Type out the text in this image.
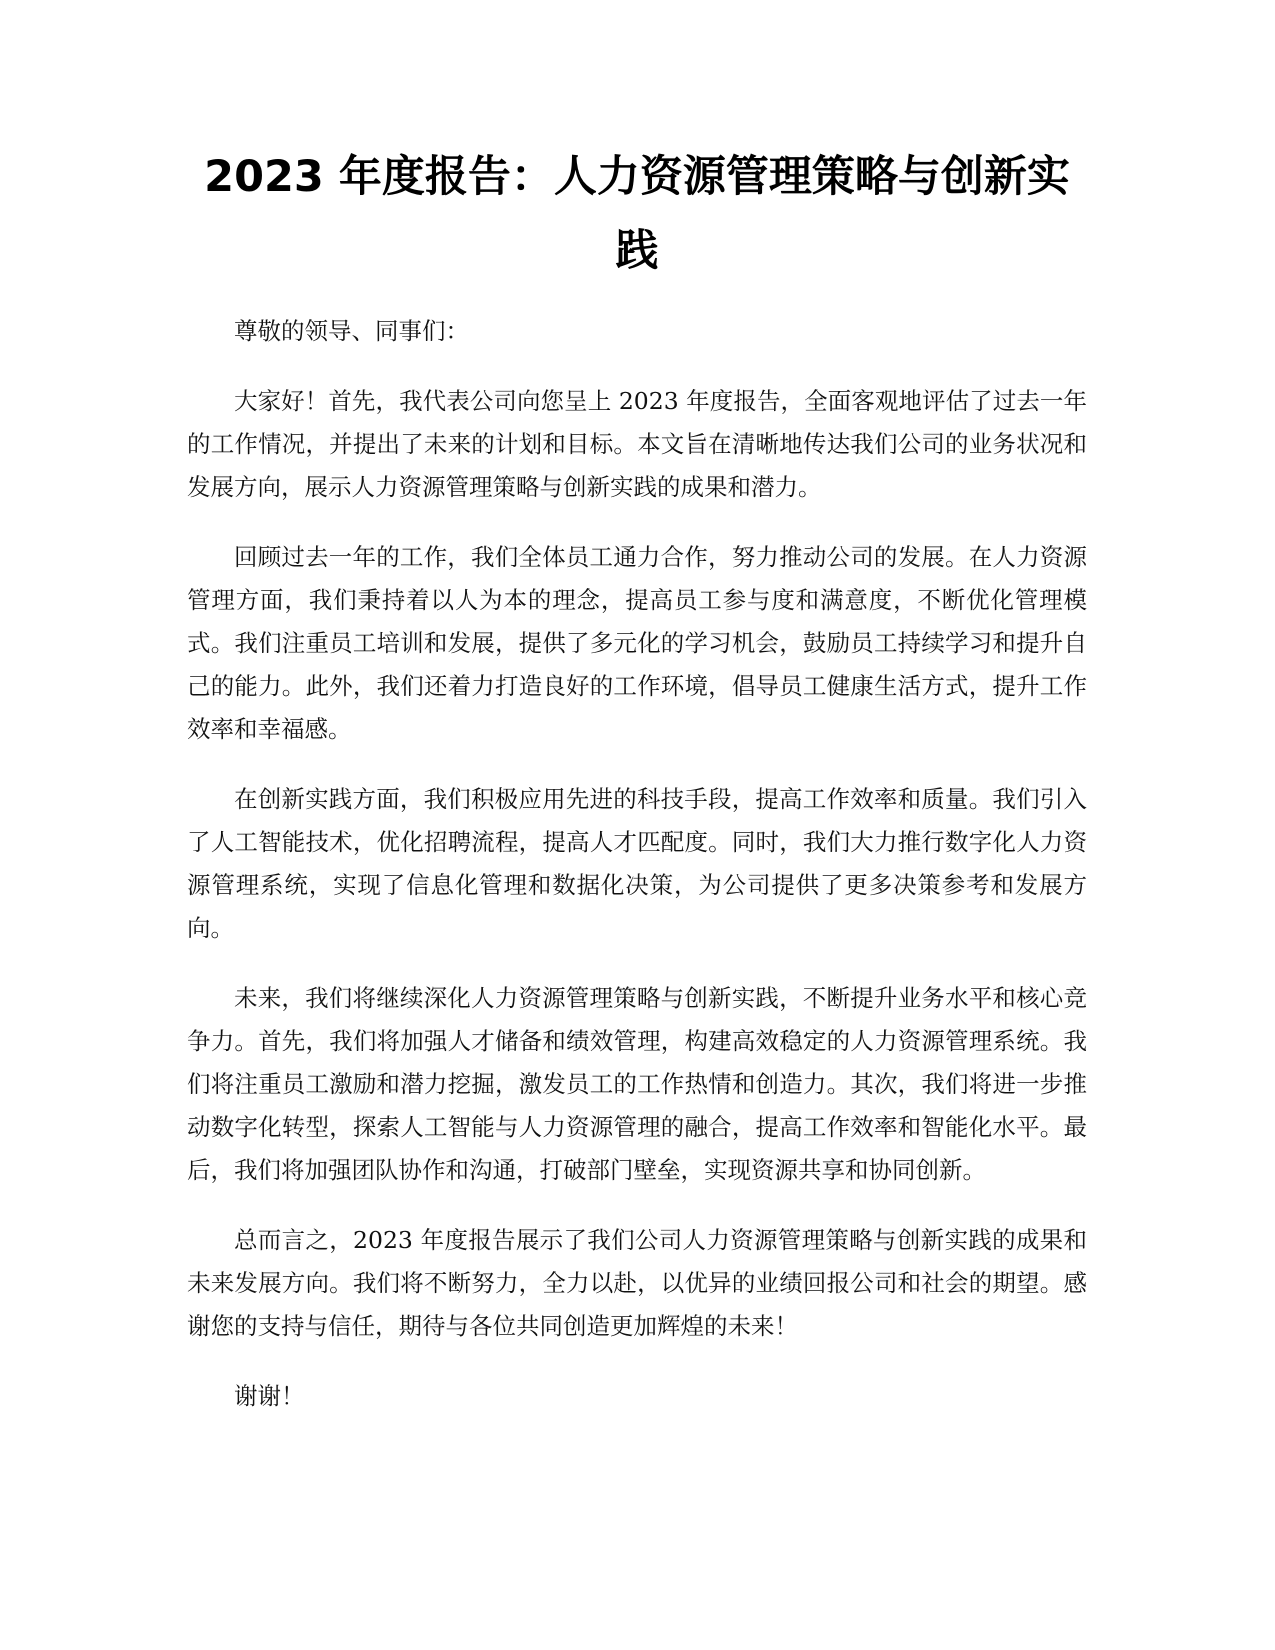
2023 年度报告：人力资源管理策略与创新实践

尊敬的领导、同事们：

大家好！首先，我代表公司向您呈上 2023 年度报告，全面客观地评估了过去一年的工作情况，并提出了未来的计划和目标。本文旨在清晰地传达我们公司的业务状况和发展方向，展示人力资源管理策略与创新实践的成果和潜力。

回顾过去一年的工作，我们全体员工通力合作，努力推动公司的发展。在人力资源管理方面，我们秉持着以人为本的理念，提高员工参与度和满意度，不断优化管理模式。我们注重员工培训和发展，提供了多元化的学习机会，鼓励员工持续学习和提升自己的能力。此外，我们还着力打造良好的工作环境，倡导员工健康生活方式，提升工作效率和幸福感。

在创新实践方面，我们积极应用先进的科技手段，提高工作效率和质量。我们引入了人工智能技术，优化招聘流程，提高人才匹配度。同时，我们大力推行数字化人力资源管理系统，实现了信息化管理和数据化决策，为公司提供了更多决策参考和发展方向。

未来，我们将继续深化人力资源管理策略与创新实践，不断提升业务水平和核心竞争力。首先，我们将加强人才储备和绩效管理，构建高效稳定的人力资源管理系统。我们将注重员工激励和潜力挖掘，激发员工的工作热情和创造力。其次，我们将进一步推动数字化转型，探索人工智能与人力资源管理的融合，提高工作效率和智能化水平。最后，我们将加强团队协作和沟通，打破部门壁垒，实现资源共享和协同创新。

总而言之，2023 年度报告展示了我们公司人力资源管理策略与创新实践的成果和未来发展方向。我们将不断努力，全力以赴，以优异的业绩回报公司和社会的期望。感谢您的支持与信任，期待与各位共同创造更加辉煌的未来！

谢谢！
